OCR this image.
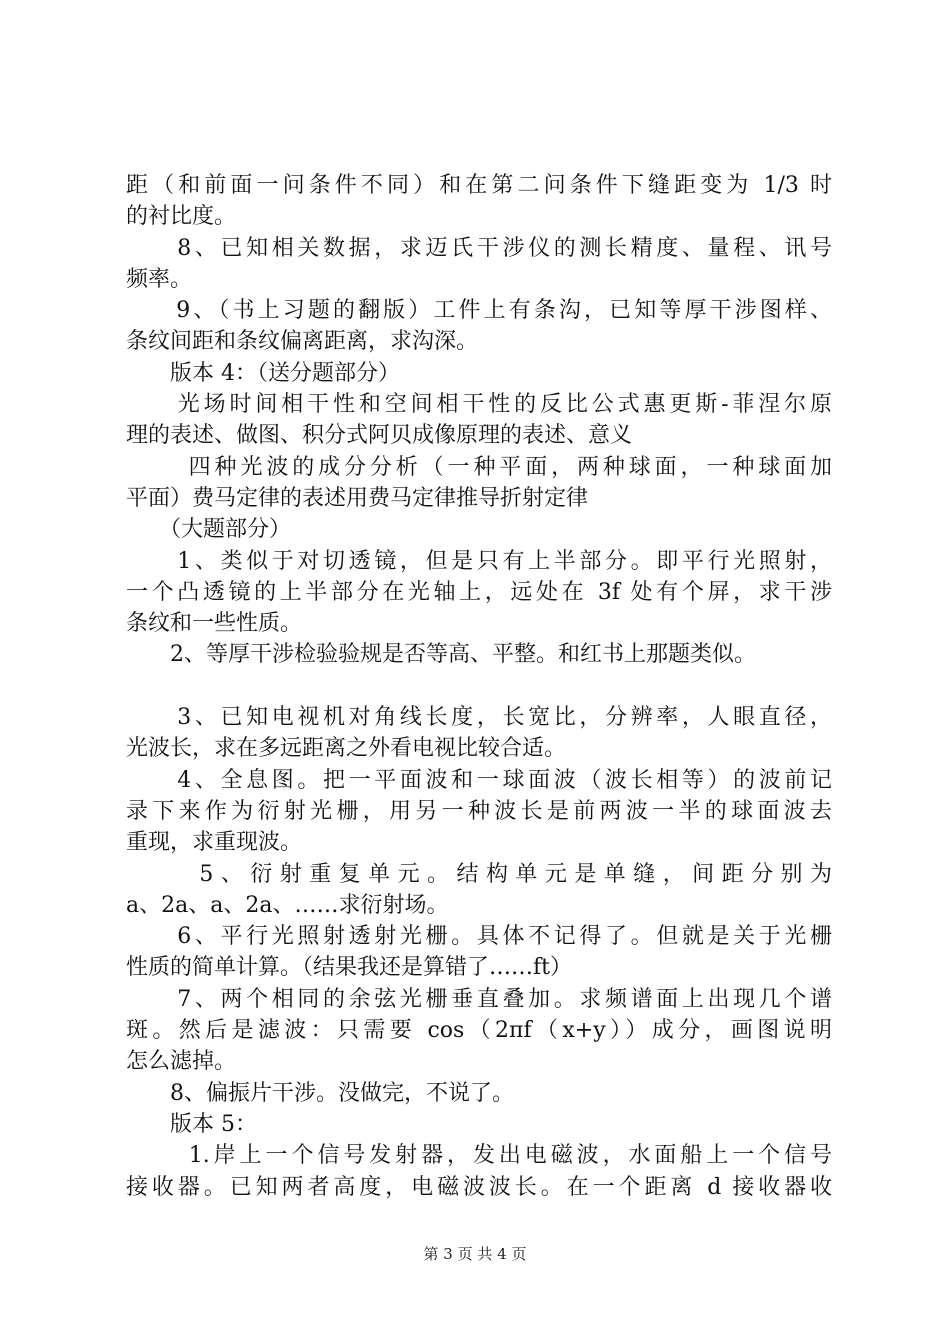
距（和前面一问条件不同）和在第二问条件下缝距变为 1/3 时
的衬比度。
　　8、已知相关数据，求迈氏干涉仪的测长精度、量程、讯号
频率。
　　9、（书上习题的翻版）工件上有条沟，已知等厚干涉图样、
条纹间距和条纹偏离距离，求沟深。
　　版本 4：（送分题部分）
　　光场时间相干性和空间相干性的反比公式惠更斯-菲涅尔原
理的表述、做图、积分式阿贝成像原理的表述、意义
　　 四种光波的成分分析（一种平面，两种球面，一种球面加
平面）费马定律的表述用费马定律推导折射定律
　　（大题部分）
　　1、类似于对切透镜，但是只有上半部分。即平行光照射，
一个凸透镜的上半部分在光轴上，远处在 3f 处有个屏，求干涉
条纹和一些性质。
　　2、等厚干涉检验验规是否等高、平整。和红书上那题类似。
　　3、已知电视机对角线长度，长宽比，分辨率，人眼直径，
光波长，求在多远距离之外看电视比较合适。
　　4、全息图。把一平面波和一球面波（波长相等）的波前记
录下来作为衍射光栅，用另一种波长是前两波一半的球面波去
重现，求重现波。
　　 5、衍射重复单元。结构单元是单缝，间距分别为
a、2a、a、2a、……求衍射场。
　　6、平行光照射透射光栅。具体不记得了。但就是关于光栅
性质的简单计算。（结果我还是算错了……ft）
　　7、两个相同的余弦光栅垂直叠加。求频谱面上出现几个谱
斑。然后是滤波：只需要 cos（2πf（x+y））成分，画图说明
怎么滤掉。
　　8、偏振片干涉。没做完，不说了。
　　版本 5：
　　 1.岸上一个信号发射器，发出电磁波，水面船上一个信号
接收器。已知两者高度，电磁波波长。在一个距离 d 接收器收
第 3 页 共 4 页
